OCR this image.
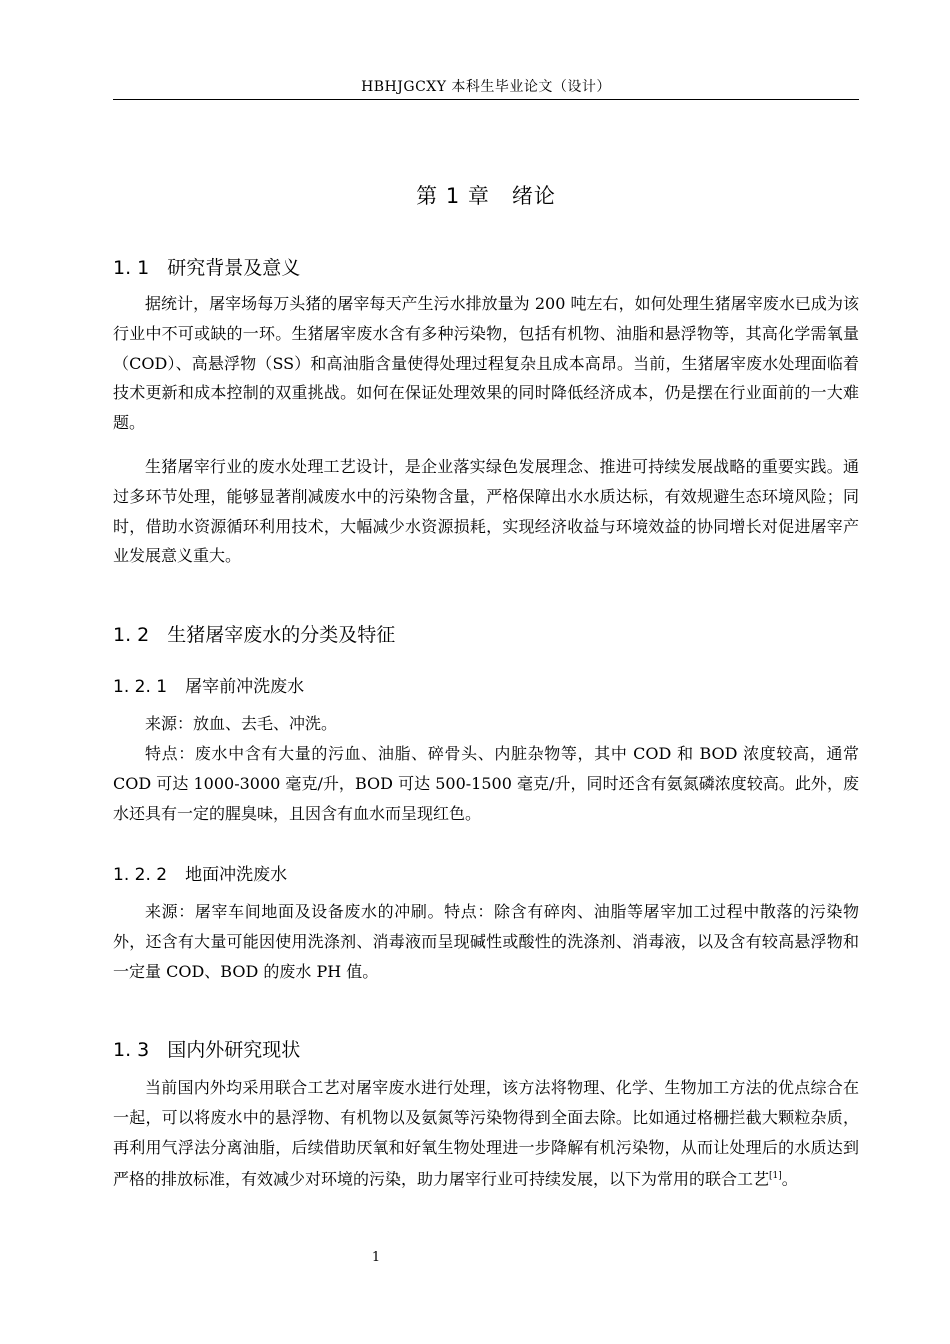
HBHJGCXY 本科生毕业论文（设计）
第 1 章 绪论
1. 1 研究背景及意义

据统计，屠宰场每万头猪的屠宰每天产生污水排放量为 200 吨左右，如何处理生猪屠宰废水已成为该行业中不可或缺的一环。生猪屠宰废水含有多种污染物，包括有机物、油脂和悬浮物等，其高化学需氧量（COD）、高悬浮物（SS）和高油脂含量使得处理过程复杂且成本高昂。当前，生猪屠宰废水处理面临着技术更新和成本控制的双重挑战。如何在保证处理效果的同时降低经济成本，仍是摆在行业面前的一大难题。

生猪屠宰行业的废水处理工艺设计，是企业落实绿色发展理念、推进可持续发展战略的重要实践。通过多环节处理，能够显著削减废水中的污染物含量，严格保障出水水质达标，有效规避生态环境风险；同时，借助水资源循环利用技术，大幅减少水资源损耗，实现经济收益与环境效益的协同增长对促进屠宰产业发展意义重大。

1. 2 生猪屠宰废水的分类及特征
1. 2. 1 屠宰前冲洗废水

来源：放血、去毛、冲洗。

特点：废水中含有大量的污血、油脂、碎骨头、内脏杂物等，其中 COD 和 BOD 浓度较高，通常 COD 可达 1000-3000 毫克/升，BOD 可达 500-1500 毫克/升，同时还含有氨氮磷浓度较高。此外，废水还具有一定的腥臭味，且因含有血水而呈现红色。

1. 2. 2 地面冲洗废水

来源：屠宰车间地面及设备废水的冲刷。特点：除含有碎肉、油脂等屠宰加工过程中散落的污染物外，还含有大量可能因使用洗涤剂、消毒液而呈现碱性或酸性的洗涤剂、消毒液，以及含有较高悬浮物和一定量 COD、BOD 的废水 PH 值。

1. 3 国内外研究现状

当前国内外均采用联合工艺对屠宰废水进行处理，该方法将物理、化学、生物加工方法的优点综合在一起，可以将废水中的悬浮物、有机物以及氨氮等污染物得到全面去除。比如通过格栅拦截大颗粒杂质，再利用气浮法分离油脂，后续借助厌氧和好氧生物处理进一步降解有机污染物，从而让处理后的水质达到严格的排放标准，有效减少对环境的污染，助力屠宰行业可持续发展，以下为常用的联合工艺[1]。

1
